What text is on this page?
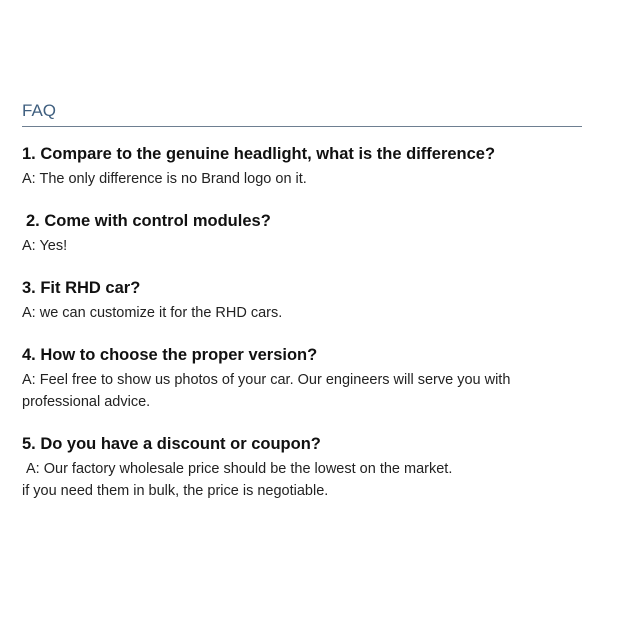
FAQ

1. Compare to the genuine headlight, what is the difference?

A: The only difference is no Brand logo on it.

2. Come with control modules?

A: Yes!

3. Fit RHD car?

A: we can customize it for the RHD cars.

4. How to choose the proper version?

A: Feel free to show us photos of your car. Our engineers will serve you with

professional advice.

5. Do you have a discount or coupon?

A: Our factory wholesale price should be the lowest on the market.

if you need them in bulk, the price is negotiable.
